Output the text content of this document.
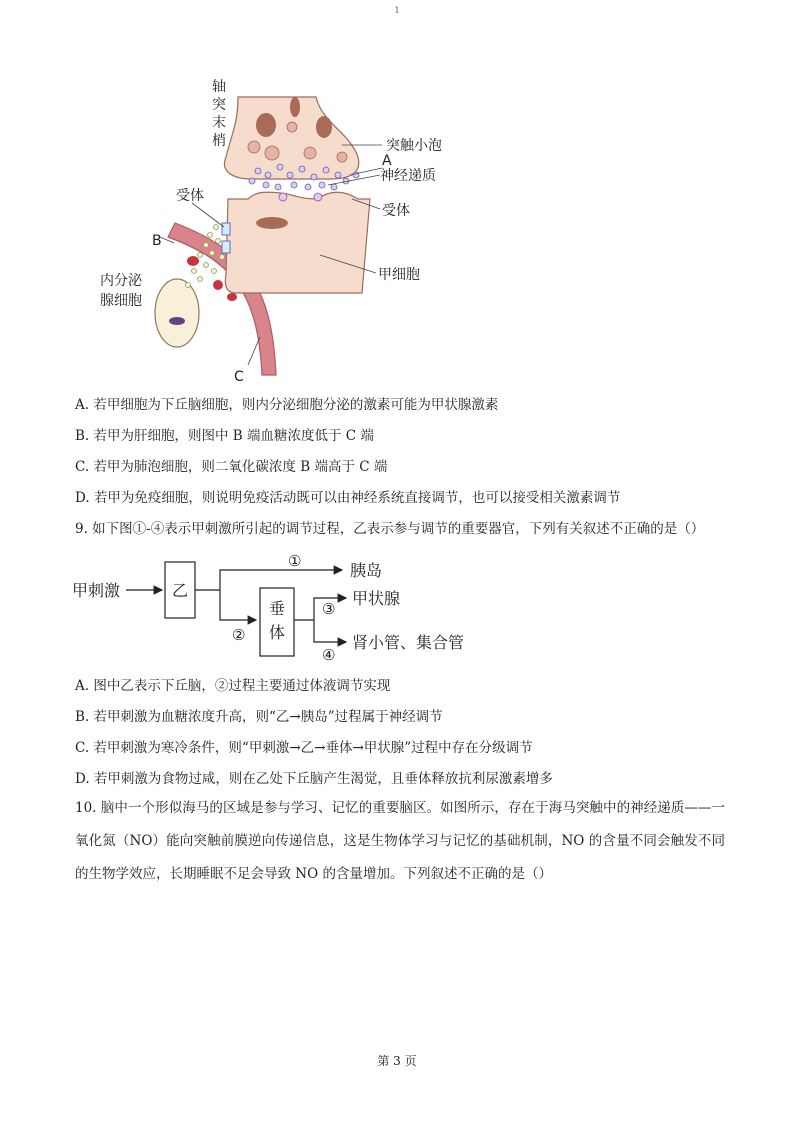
1
轴
突
末
梢	突触小泡
A
神经递质
受体
受体
B
内分泌
腺细胞
甲细胞
C
A. 若甲细胞为下丘脑细胞，则内分泌细胞分泌的激素可能为甲状腺激素
B. 若甲为肝细胞，则图中 B 端血糖浓度低于 C 端
C. 若甲为肺泡细胞，则二氧化碳浓度 B 端高于 C 端
D. 若甲为免疫细胞，则说明免疫活动既可以由神经系统直接调节，也可以接受相关激素调节
9. 如下图①-④表示甲刺激所引起的调节过程，乙表示参与调节的重要器官，下列有关叙述不正确的是（）
甲刺激	乙
①	胰岛
②
垂
体
③
④
甲状腺
肾小管、集合管
A. 图中乙表示下丘脑，②过程主要通过体液调节实现
B. 若甲刺激为血糖浓度升高，则“乙→胰岛”过程属于神经调节
C. 若甲刺激为寒冷条件，则“甲刺激→乙→垂体→甲状腺”过程中存在分级调节
D. 若甲刺激为食物过咸，则在乙处下丘脑产生渴觉，且垂体释放抗利尿激素增多
10. 脑中一个形似海马的区域是参与学习、记忆的重要脑区。如图所示，存在于海马突触中的神经递质——一氧化氮（NO）能向突触前膜逆向传递信息，这是生物体学习与记忆的基础机制，NO 的含量不同会触发不同的生物学效应，长期睡眠不足会导致 NO 的含量增加。下列叙述不正确的是（）
第 3 页
